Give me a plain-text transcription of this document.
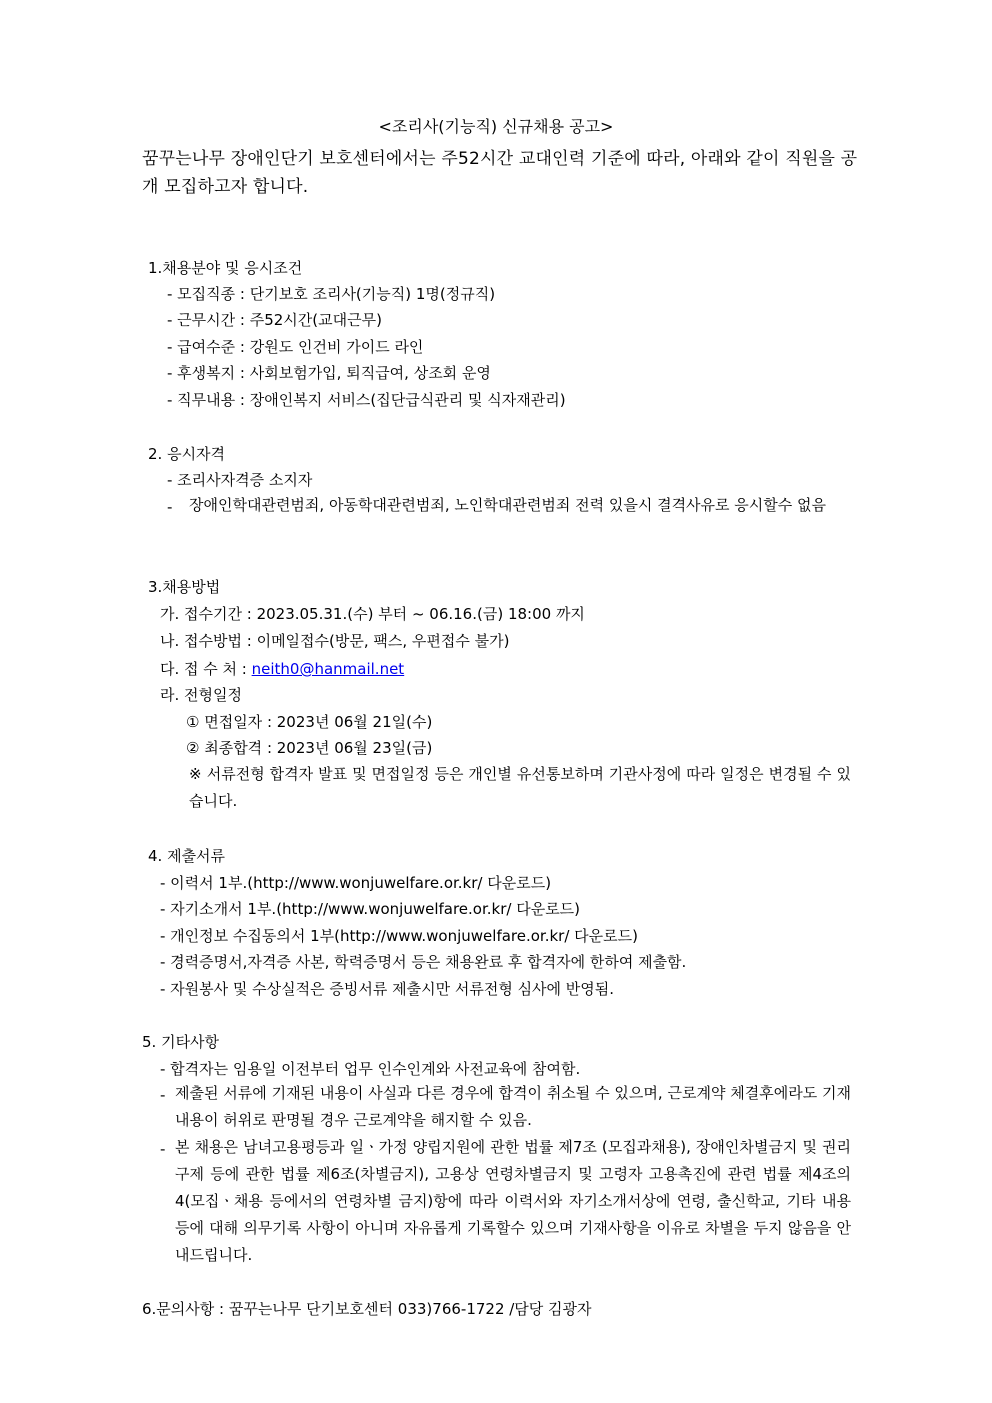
<조리사(기능직) 신규채용 공고>
꿈꾸는나무 장애인단기 보호센터에서는 주52시간 교대인력 기준에 따라, 아래와 같이 직원을 공개 모집하고자 합니다.
1.채용분야 및 응시조건
- 모집직종 : 단기보호 조리사(기능직) 1명(정규직)
- 근무시간 : 주52시간(교대근무)
- 급여수준 : 강원도 인건비 가이드 라인
- 후생복지 : 사회보험가입, 퇴직급여, 상조회 운영
- 직무내용 : 장애인복지 서비스(집단급식관리 및 식자재관리)
2. 응시자격
- 조리사자격증 소지자
- 장애인학대관련범죄, 아동학대관련범죄, 노인학대관련범죄 전력 있을시 결격사유로 응시할수 없음
3.채용방법
가. 접수기간 : 2023.05.31.(수) 부터 ~ 06.16.(금) 18:00 까지
나. 접수방법 : 이메일접수(방문, 팩스, 우편접수 불가)
다. 접 수 처 : neith0@hanmail.net
라. 전형일정
① 면접일자 : 2023년 06월 21일(수)
② 최종합격 : 2023년 06월 23일(금)
※ 서류전형 합격자 발표 및 면접일정 등은 개인별 유선통보하며 기관사정에 따라 일정은 변경될 수 있습니다.
4. 제출서류
- 이력서 1부.(http://www.wonjuwelfare.or.kr/ 다운로드)
- 자기소개서 1부.(http://www.wonjuwelfare.or.kr/ 다운로드)
- 개인정보 수집동의서 1부(http://www.wonjuwelfare.or.kr/ 다운로드)
- 경력증명서,자격증 사본, 학력증명서 등은 채용완료 후 합격자에 한하여 제출함.
- 자원봉사 및 수상실적은 증빙서류 제출시만 서류전형 심사에 반영됨.
5. 기타사항
- 합격자는 임용일 이전부터 업무 인수인계와 사전교육에 참여함.
- 제출된 서류에 기재된 내용이 사실과 다른 경우에 합격이 취소될 수 있으며, 근로계약 체결후에라도 기재내용이 허위로 판명될 경우 근로계약을 해지할 수 있음.
- 본 채용은 남녀고용평등과 일ㆍ가정 양립지원에 관한 법률 제7조 (모집과채용), 장애인차별금지 및 권리구제 등에 관한 법률 제6조(차별금지), 고용상 연령차별금지 및 고령자 고용촉진에 관련 법률 제4조의4(모집ㆍ채용 등에서의 연령차별 금지)항에 따라 이력서와 자기소개서상에 연령, 출신학교, 기타 내용 등에 대해 의무기록 사항이 아니며 자유롭게 기록할수 있으며 기재사항을 이유로 차별을 두지 않음을 안내드립니다.
6.문의사항 : 꿈꾸는나무 단기보호센터 033)766-1722 /담당 김광자
